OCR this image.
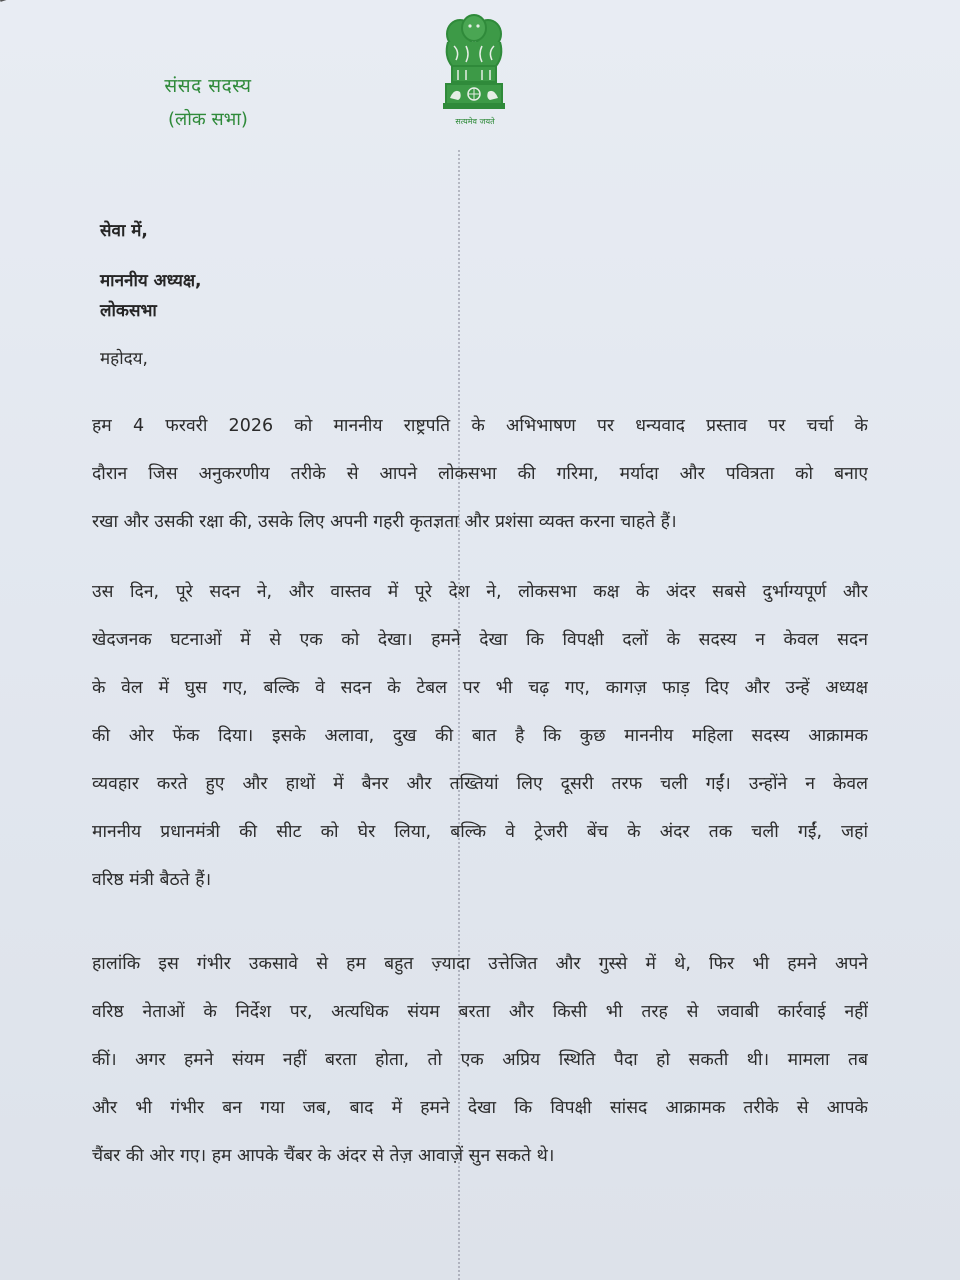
संसद सदस्य
(लोक सभा)	सत्यमेव जयते
सेवा में,
माननीय अध्यक्ष,
लोकसभा
महोदय,
हम 4 फरवरी 2026 को माननीय राष्ट्रपति के अभिभाषण पर धन्यवाद प्रस्ताव पर चर्चा के
दौरान जिस अनुकरणीय तरीके से आपने लोकसभा की गरिमा, मर्यादा और पवित्रता को बनाए
रखा और उसकी रक्षा की, उसके लिए अपनी गहरी कृतज्ञता और प्रशंसा व्यक्त करना चाहते हैं।
उस दिन, पूरे सदन ने, और वास्तव में पूरे देश ने, लोकसभा कक्ष के अंदर सबसे दुर्भाग्यपूर्ण और
खेदजनक घटनाओं में से एक को देखा। हमने देखा कि विपक्षी दलों के सदस्य न केवल सदन
के वेल में घुस गए, बल्कि वे सदन के टेबल पर भी चढ़ गए, कागज़ फाड़ दिए और उन्हें अध्यक्ष
की ओर फेंक दिया। इसके अलावा, दुख की बात है कि कुछ माननीय महिला सदस्य आक्रामक
व्यवहार करते हुए और हाथों में बैनर और तख्तियां लिए दूसरी तरफ चली गईं। उन्होंने न केवल
माननीय प्रधानमंत्री की सीट को घेर लिया, बल्कि वे ट्रेजरी बेंच के अंदर तक चली गईं, जहां
वरिष्ठ मंत्री बैठते हैं।
हालांकि इस गंभीर उकसावे से हम बहुत ज़्यादा उत्तेजित और गुस्से में थे, फिर भी हमने अपने
वरिष्ठ नेताओं के निर्देश पर, अत्यधिक संयम बरता और किसी भी तरह से जवाबी कार्रवाई नहीं
कीं। अगर हमने संयम नहीं बरता होता, तो एक अप्रिय स्थिति पैदा हो सकती थी। मामला तब
और भी गंभीर बन गया जब, बाद में हमने देखा कि विपक्षी सांसद आक्रामक तरीके से आपके
चैंबर की ओर गए। हम आपके चैंबर के अंदर से तेज़ आवाज़ें सुन सकते थे।
